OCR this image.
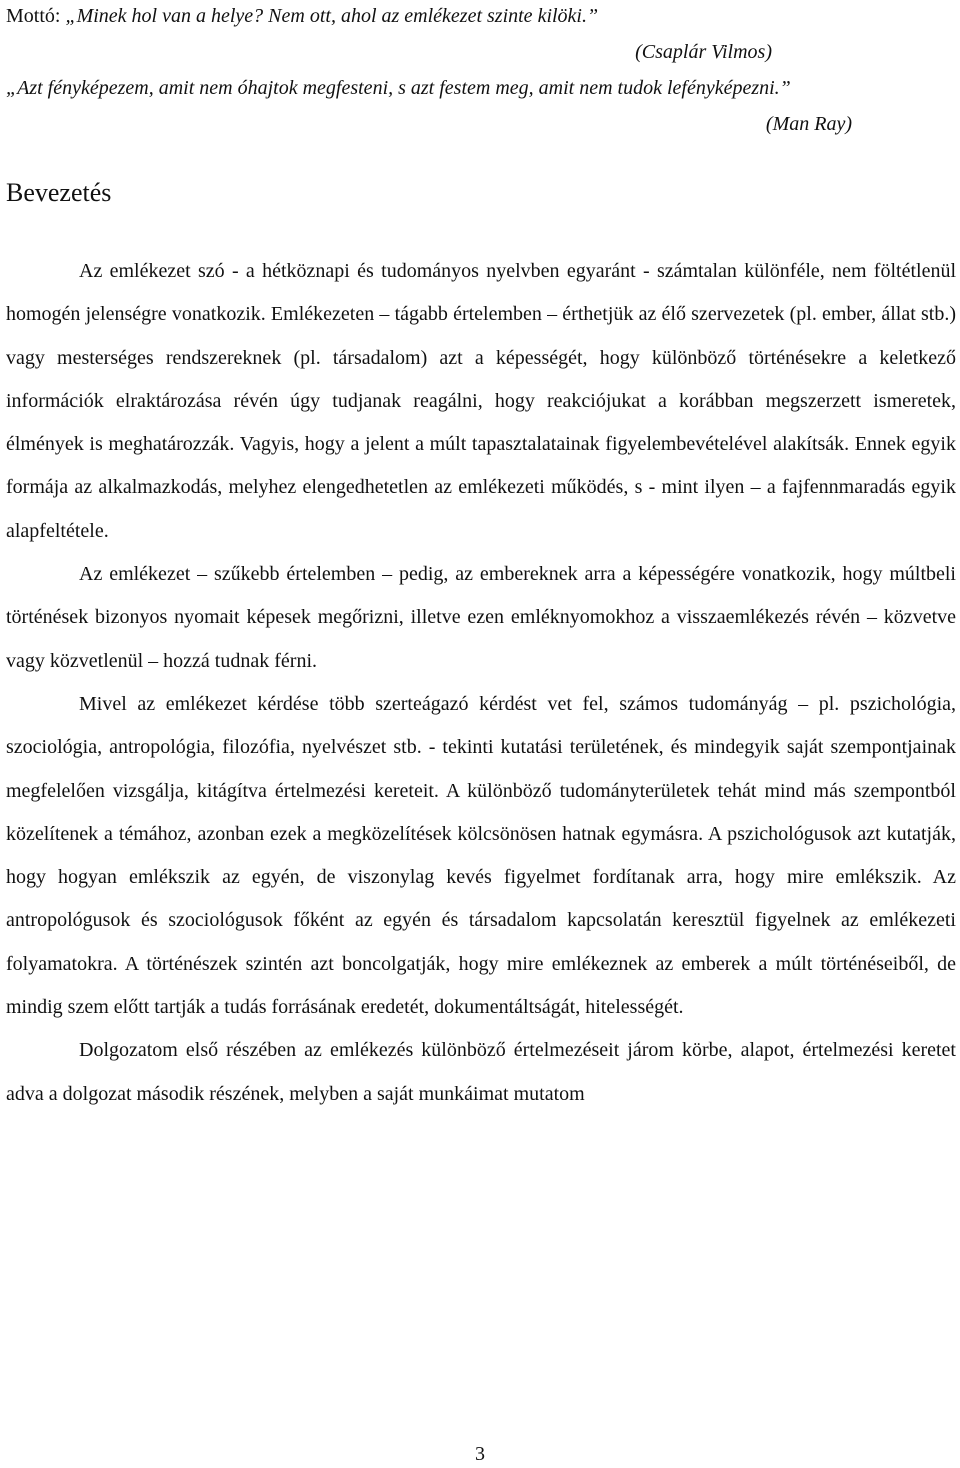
Mottó: „Minek hol van a helye? Nem ott, ahol az emlékezet szinte kilöki.”
(Csaplár Vilmos)
„Azt fényképezem, amit nem óhajtok megfesteni, s azt festem meg, amit nem tudok lefényképezni.”
(Man Ray)
Bevezetés

Az emlékezet szó - a hétköznapi és tudományos nyelvben egyaránt - számtalan különféle, nem föltétlenül homogén jelenségre vonatkozik. Emlékezeten – tágabb értelemben – érthetjük az élő szervezetek (pl. ember, állat stb.) vagy mesterséges rendszereknek (pl. társadalom) azt a képességét, hogy különböző történésekre a keletkező információk elraktározása révén úgy tudjanak reagálni, hogy reakciójukat a korábban megszerzett ismeretek, élmények is meghatározzák. Vagyis, hogy a jelent a múlt tapasztalatainak figyelembevételével alakítsák. Ennek egyik formája az alkalmazkodás, melyhez elengedhetetlen az emlékezeti működés, s - mint ilyen – a fajfennmaradás egyik alapfeltétele.

Az emlékezet – szűkebb értelemben – pedig, az embereknek arra a képességére vonatkozik, hogy múltbeli történések bizonyos nyomait képesek megőrizni, illetve ezen emléknyomokhoz a visszaemlékezés révén – közvetve vagy közvetlenül – hozzá tudnak férni.

Mivel az emlékezet kérdése több szerteágazó kérdést vet fel, számos tudományág – pl. pszichológia, szociológia, antropológia, filozófia, nyelvészet stb. - tekinti kutatási területének, és mindegyik saját szempontjainak megfelelően vizsgálja, kitágítva értelmezési kereteit. A különböző tudományterületek tehát mind más szempontból közelítenek a témához, azonban ezek a megközelítések kölcsönösen hatnak egymásra. A pszichológusok azt kutatják, hogy hogyan emlékszik az egyén, de viszonylag kevés figyelmet fordítanak arra, hogy mire emlékszik. Az antropológusok és szociológusok főként az egyén és társadalom kapcsolatán keresztül figyelnek az emlékezeti folyamatokra. A történészek szintén azt boncolgatják, hogy mire emlékeznek az emberek a múlt történéseiből, de mindig szem előtt tartják a tudás forrásának eredetét, dokumentáltságát, hitelességét.

Dolgozatom első részében az emlékezés különböző értelmezéseit járom körbe, alapot, értelmezési keretet adva a dolgozat második részének, melyben a saját munkáimat mutatom

3
